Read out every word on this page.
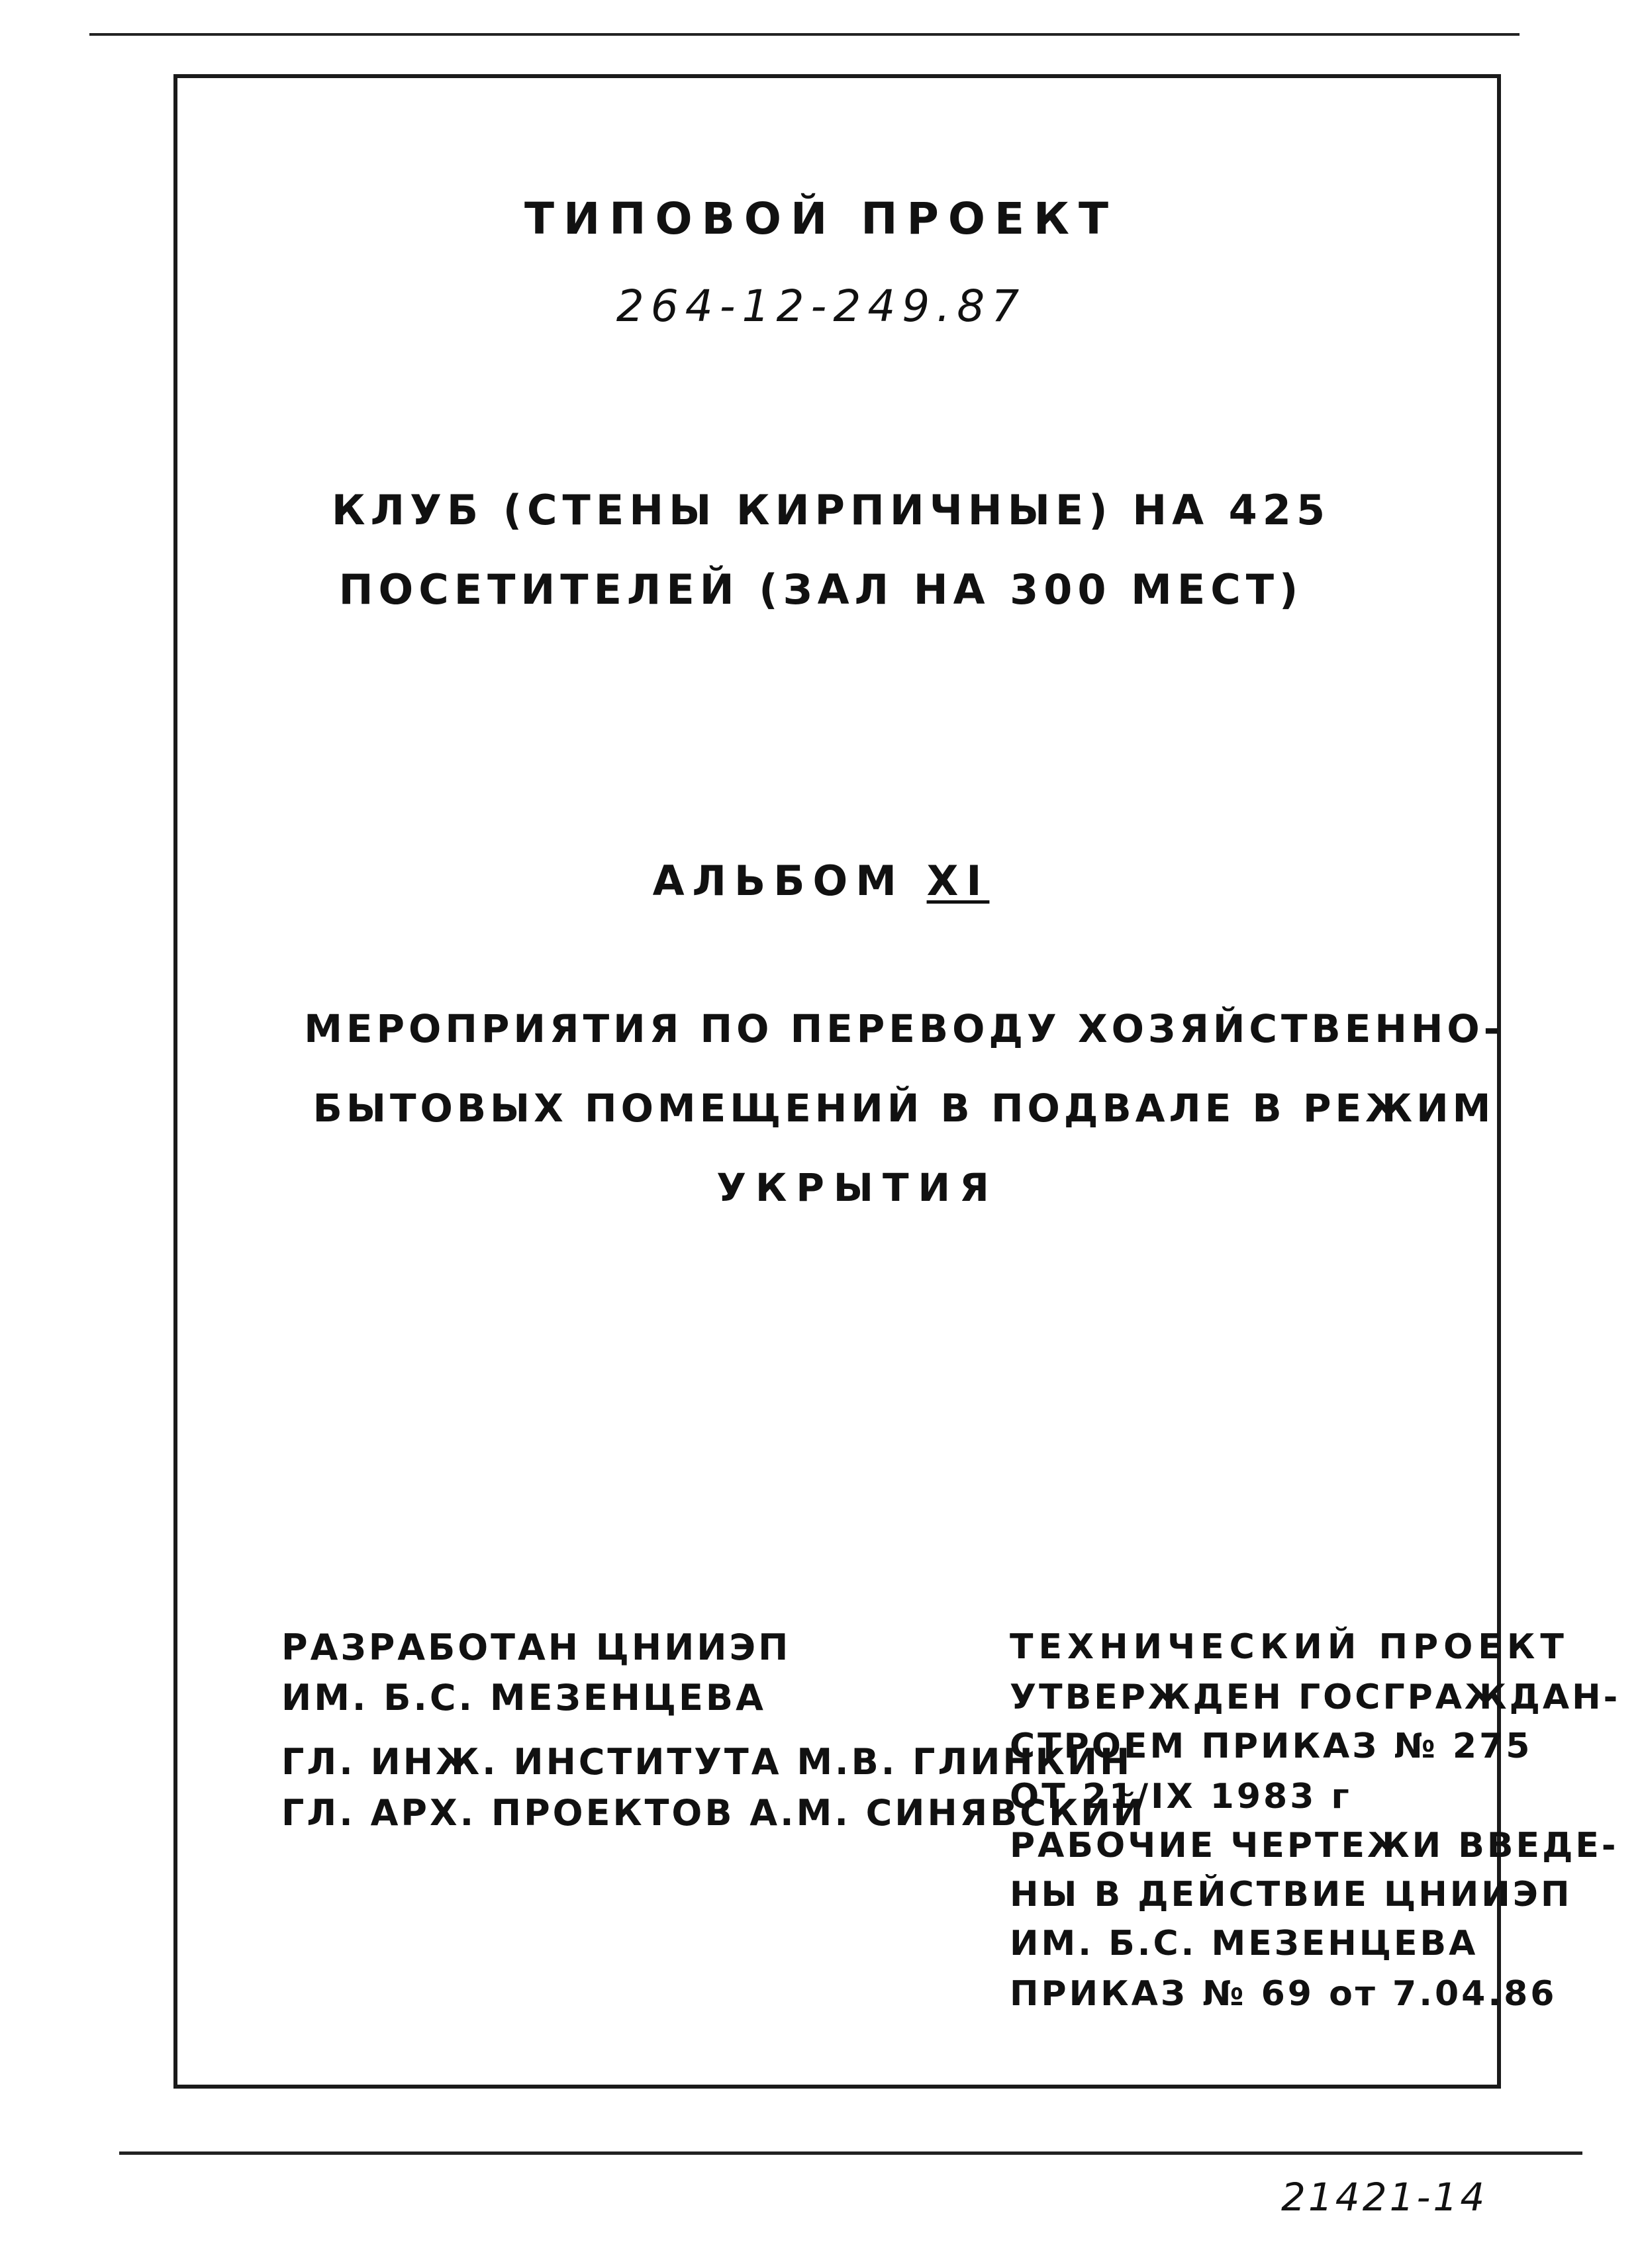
ТИПОВОЙ ПРОЕКТ
264-12-249.87
КЛУБ (СТЕНЫ КИРПИЧНЫЕ) НА 425
ПОСЕТИТЕЛЕЙ (ЗАЛ НА 300 МЕСТ)
АЛЬБОМ XI
МЕРОПРИЯТИЯ ПО ПЕРЕВОДУ ХОЗЯЙСТВЕННО-
БЫТОВЫХ ПОМЕЩЕНИЙ В ПОДВАЛЕ В РЕЖИМ
УКРЫТИЯ
РАЗРАБОТАН ЦНИИЭП
ИМ. Б.С. МЕЗЕНЦЕВА
ГЛ. ИНЖ. ИНСТИТУТА М.В. ГЛИНКИН
ГЛ. АРХ. ПРОЕКТОВ А.М. СИНЯВСКИЙ
ТЕХНИЧЕСКИЙ ПРОЕКТ
УТВЕРЖДЕН ГОСГРАЖДАН-
СТРОЕМ ПРИКАЗ № 275
ОТ 21/IX 1983 г
РАБОЧИЕ ЧЕРТЕЖИ ВВЕДЕ-
НЫ В ДЕЙСТВИЕ ЦНИИЭП
ИМ. Б.С. МЕЗЕНЦЕВА
ПРИКАЗ № 69 от 7.04.86
21421-14
